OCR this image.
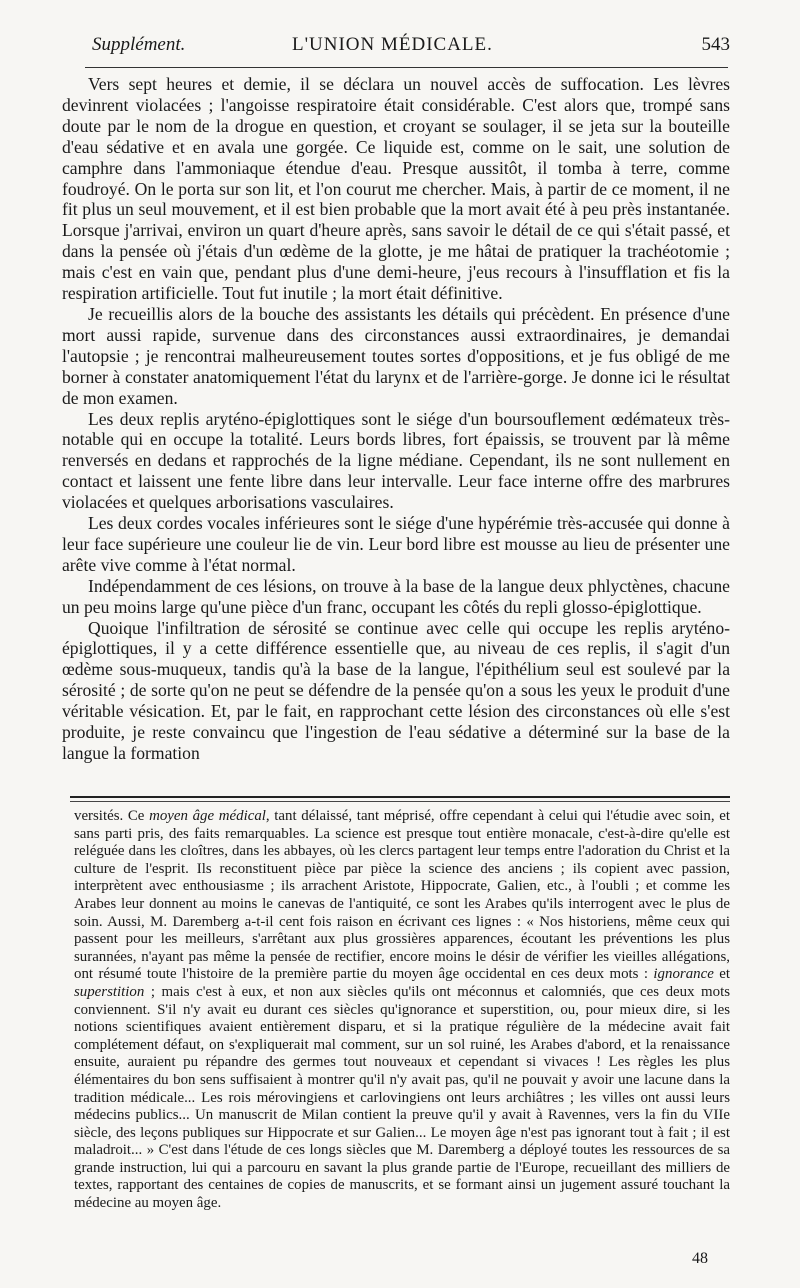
Supplément.	L'UNION MÉDICALE.	543

Vers sept heures et demie, il se déclara un nouvel accès de suffocation. Les lèvres devinrent violacées ; l'angoisse respiratoire était considérable. C'est alors que, trompé sans doute par le nom de la drogue en question, et croyant se soulager, il se jeta sur la bouteille d'eau sédative et en avala une gorgée. Ce liquide est, comme on le sait, une solution de camphre dans l'ammoniaque étendue d'eau. Presque aussitôt, il tomba à terre, comme foudroyé. On le porta sur son lit, et l'on courut me chercher. Mais, à partir de ce moment, il ne fit plus un seul mouvement, et il est bien probable que la mort avait été à peu près instantanée. Lorsque j'arrivai, environ un quart d'heure après, sans savoir le détail de ce qui s'était passé, et dans la pensée où j'étais d'un œdème de la glotte, je me hâtai de pratiquer la trachéotomie ; mais c'est en vain que, pendant plus d'une demi-heure, j'eus recours à l'insufflation et fis la respiration artificielle. Tout fut inutile ; la mort était définitive.

Je recueillis alors de la bouche des assistants les détails qui précèdent. En présence d'une mort aussi rapide, survenue dans des circonstances aussi extraordinaires, je demandai l'autopsie ; je rencontrai malheureusement toutes sortes d'oppositions, et je fus obligé de me borner à constater anatomiquement l'état du larynx et de l'arrière-gorge. Je donne ici le résultat de mon examen.

Les deux replis aryténo-épiglottiques sont le siége d'un boursouflement œdémateux très-notable qui en occupe la totalité. Leurs bords libres, fort épaissis, se trouvent par là même renversés en dedans et rapprochés de la ligne médiane. Cependant, ils ne sont nullement en contact et laissent une fente libre dans leur intervalle. Leur face interne offre des marbrures violacées et quelques arborisations vasculaires.

Les deux cordes vocales inférieures sont le siége d'une hypérémie très-accusée qui donne à leur face supérieure une couleur lie de vin. Leur bord libre est mousse au lieu de présenter une arête vive comme à l'état normal.

Indépendamment de ces lésions, on trouve à la base de la langue deux phlyctènes, chacune un peu moins large qu'une pièce d'un franc, occupant les côtés du repli glosso-épiglottique.

Quoique l'infiltration de sérosité se continue avec celle qui occupe les replis aryténo-épiglottiques, il y a cette différence essentielle que, au niveau de ces replis, il s'agit d'un œdème sous-muqueux, tandis qu'à la base de la langue, l'épithélium seul est soulevé par la sérosité ; de sorte qu'on ne peut se défendre de la pensée qu'on a sous les yeux le produit d'une véritable vésication. Et, par le fait, en rapprochant cette lésion des circonstances où elle s'est produite, je reste convaincu que l'ingestion de l'eau sédative a déterminé sur la base de la langue la formation

versités. Ce moyen âge médical, tant délaissé, tant méprisé, offre cependant à celui qui l'étudie avec soin, et sans parti pris, des faits remarquables. La science est presque tout entière monacale, c'est-à-dire qu'elle est reléguée dans les cloîtres, dans les abbayes, où les clercs partagent leur temps entre l'adoration du Christ et la culture de l'esprit. Ils reconstituent pièce par pièce la science des anciens ; ils copient avec passion, interprètent avec enthousiasme ; ils arrachent Aristote, Hippocrate, Galien, etc., à l'oubli ; et comme les Arabes leur donnent au moins le canevas de l'antiquité, ce sont les Arabes qu'ils interrogent avec le plus de soin. Aussi, M. Daremberg a-t-il cent fois raison en écrivant ces lignes : « Nos historiens, même ceux qui passent pour les meilleurs, s'arrêtant aux plus grossières apparences, écoutant les préventions les plus surannées, n'ayant pas même la pensée de rectifier, encore moins le désir de vérifier les vieilles allégations, ont résumé toute l'histoire de la première partie du moyen âge occidental en ces deux mots : ignorance et superstition ; mais c'est à eux, et non aux siècles qu'ils ont méconnus et calomniés, que ces deux mots conviennent. S'il n'y avait eu durant ces siècles qu'ignorance et superstition, ou, pour mieux dire, si les notions scientifiques avaient entièrement disparu, et si la pratique régulière de la médecine avait fait complétement défaut, on s'expliquerait mal comment, sur un sol ruiné, les Arabes d'abord, et la renaissance ensuite, auraient pu répandre des germes tout nouveaux et cependant si vivaces ! Les règles les plus élémentaires du bon sens suffisaient à montrer qu'il n'y avait pas, qu'il ne pouvait y avoir une lacune dans la tradition médicale... Les rois mérovingiens et carlovingiens ont leurs archiâtres ; les villes ont aussi leurs médecins publics... Un manuscrit de Milan contient la preuve qu'il y avait à Ravennes, vers la fin du VIIe siècle, des leçons publiques sur Hippocrate et sur Galien... Le moyen âge n'est pas ignorant tout à fait ; il est maladroit... » C'est dans l'étude de ces longs siècles que M. Daremberg a déployé toutes les ressources de sa grande instruction, lui qui a parcouru en savant la plus grande partie de l'Europe, recueillant des milliers de textes, rapportant des centaines de copies de manuscrits, et se formant ainsi un jugement assuré touchant la médecine au moyen âge.
48
